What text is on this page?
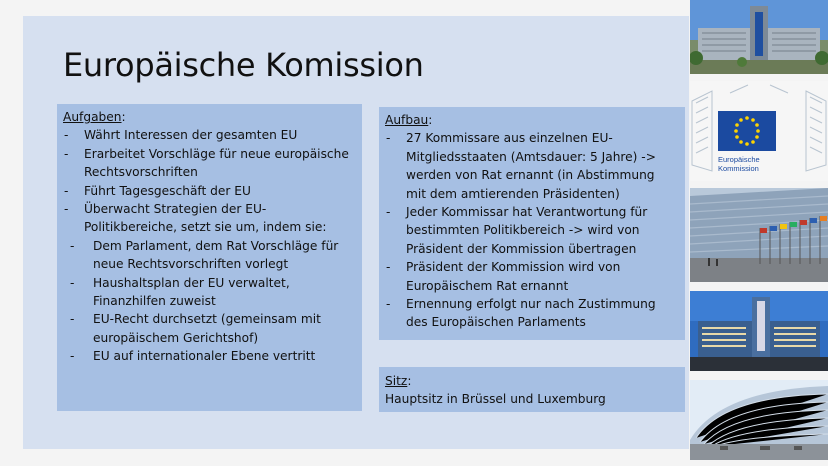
Europäische Komission
Aufgaben:
- Währt Interessen der gesamten EU
- Erarbeitet Vorschläge für neue europäische Rechtsvorschriften
- Führt Tagesgeschäft der EU
- Überwacht Strategien der EU-Politikbereiche, setzt sie um, indem sie:
- Dem Parlament, dem Rat Vorschläge für neue Rechtsvorschriften vorlegt
- Haushaltsplan der EU verwaltet, Finanzhilfen zuweist
- EU-Recht durchsetzt (gemeinsam mit europäischem Gerichtshof)
- EU auf internationaler Ebene vertritt
Aufbau:
- 27 Kommissare aus einzelnen EU-Mitgliedsstaaten (Amtsdauer: 5 Jahre) -> werden von Rat ernannt (in Abstimmung mit dem amtierenden Präsidenten)
- Jeder Kommissar hat Verantwortung für bestimmten Politikbereich -> wird von Präsident der Kommission übertragen
- Präsident der Kommission wird von Europäischem Rat ernannt
- Ernennung erfolgt nur nach Zustimmung des Europäischen Parlaments
Sitz:
Hauptsitz in Brüssel und Luxemburg
Europäische
Kommission
